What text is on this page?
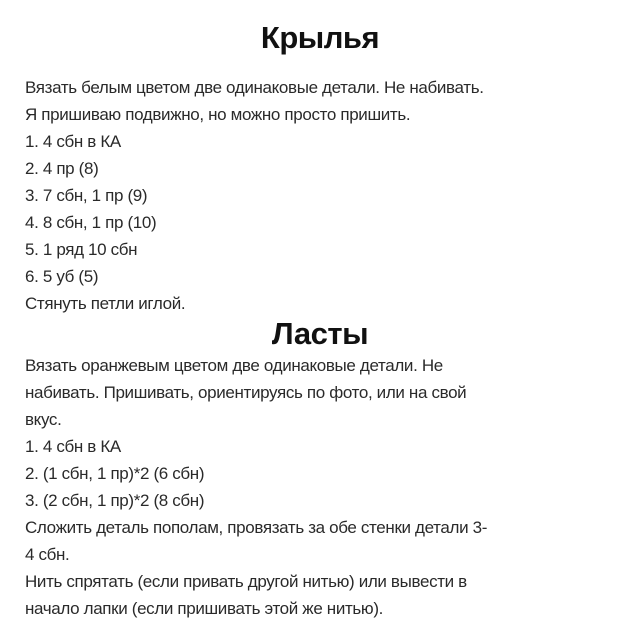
Крылья
Вязать белым цветом две одинаковые детали. Не набивать.
Я пришиваю подвижно, но можно просто пришить.
1. 4 сбн в КА
2. 4 пр (8)
3. 7 сбн, 1 пр (9)
4. 8 сбн, 1 пр (10)
5. 1 ряд 10 сбн
6. 5 уб (5)
Стянуть петли иглой.
Ласты
Вязать оранжевым цветом две одинаковые детали. Не
набивать. Пришивать, ориентируясь по фото, или на свой
вкус.
1. 4 сбн в КА
2. (1 сбн, 1 пр)*2 (6 сбн)
3. (2 сбн, 1 пр)*2 (8 сбн)
Сложить деталь пополам, провязать за обе стенки детали 3-
4 сбн.
Нить спрятать (если привать другой нитью) или вывести в
начало лапки (если пришивать этой же нитью).
